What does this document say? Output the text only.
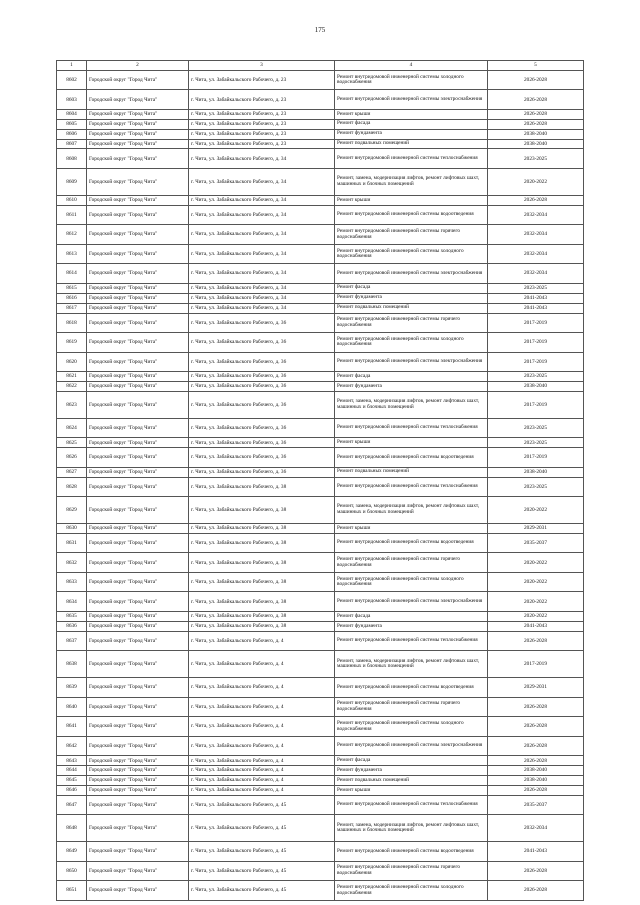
175
1	2	3	4	5
8602	Городской округ "Город Чита"	г. Чита, ул. Забайкальского Рабочего, д. 23	Ремонт внутридомовой инженерной системы холодного водоснабжения	2026-2028
8603	Городской округ "Город Чита"	г. Чита, ул. Забайкальского Рабочего, д. 23	Ремонт внутридомовой инженерной системы электроснабжения	2026-2028
8604	Городской округ "Город Чита"	г. Чита, ул. Забайкальского Рабочего, д. 23	Ремонт крыши	2026-2028
8605	Городской округ "Город Чита"	г. Чита, ул. Забайкальского Рабочего, д. 23	Ремонт фасада	2026-2028
8606	Городской округ "Город Чита"	г. Чита, ул. Забайкальского Рабочего, д. 23	Ремонт фундамента	2038-2040
8607	Городской округ "Город Чита"	г. Чита, ул. Забайкальского Рабочего, д. 23	Ремонт подвальных помещений	2038-2040
8608	Городской округ "Город Чита"	г. Чита, ул. Забайкальского Рабочего, д. 34	Ремонт внутридомовой инженерной системы теплоснабжения	2023-2025
8609	Городской округ "Город Чита"	г. Чита, ул. Забайкальского Рабочего, д. 34	Ремонт, замена, модернизация лифтов, ремонт лифтовых шахт, машинных и блочных помещений	2020-2022
8610	Городской округ "Город Чита"	г. Чита, ул. Забайкальского Рабочего, д. 34	Ремонт крыши	2026-2028
8611	Городской округ "Город Чита"	г. Чита, ул. Забайкальского Рабочего, д. 34	Ремонт внутридомовой инженерной системы водоотведения	2032-2034
8612	Городской округ "Город Чита"	г. Чита, ул. Забайкальского Рабочего, д. 34	Ремонт внутридомовой инженерной системы горячего водоснабжения	2032-2034
8613	Городской округ "Город Чита"	г. Чита, ул. Забайкальского Рабочего, д. 34	Ремонт внутридомовой инженерной системы холодного водоснабжения	2032-2034
8614	Городской округ "Город Чита"	г. Чита, ул. Забайкальского Рабочего, д. 34	Ремонт внутридомовой инженерной системы электроснабжения	2032-2034
8615	Городской округ "Город Чита"	г. Чита, ул. Забайкальского Рабочего, д. 34	Ремонт фасада	2023-2025
8616	Городской округ "Город Чита"	г. Чита, ул. Забайкальского Рабочего, д. 34	Ремонт фундамента	2041-2043
8617	Городской округ "Город Чита"	г. Чита, ул. Забайкальского Рабочего, д. 34	Ремонт подвальных помещений	2041-2043
8618	Городской округ "Город Чита"	г. Чита, ул. Забайкальского Рабочего, д. 36	Ремонт внутридомовой инженерной системы горячего водоснабжения	2017-2019
8619	Городской округ "Город Чита"	г. Чита, ул. Забайкальского Рабочего, д. 36	Ремонт внутридомовой инженерной системы холодного водоснабжения	2017-2019
8620	Городской округ "Город Чита"	г. Чита, ул. Забайкальского Рабочего, д. 36	Ремонт внутридомовой инженерной системы электроснабжения	2017-2019
8621	Городской округ "Город Чита"	г. Чита, ул. Забайкальского Рабочего, д. 36	Ремонт фасада	2023-2025
8622	Городской округ "Город Чита"	г. Чита, ул. Забайкальского Рабочего, д. 36	Ремонт фундамента	2038-2040
8623	Городской округ "Город Чита"	г. Чита, ул. Забайкальского Рабочего, д. 36	Ремонт, замена, модернизация лифтов, ремонт лифтовых шахт, машинных и блочных помещений	2017-2019
8624	Городской округ "Город Чита"	г. Чита, ул. Забайкальского Рабочего, д. 36	Ремонт внутридомовой инженерной системы теплоснабжения	2023-2025
8625	Городской округ "Город Чита"	г. Чита, ул. Забайкальского Рабочего, д. 36	Ремонт крыши	2023-2025
8626	Городской округ "Город Чита"	г. Чита, ул. Забайкальского Рабочего, д. 36	Ремонт внутридомовой инженерной системы водоотведения	2017-2019
8627	Городской округ "Город Чита"	г. Чита, ул. Забайкальского Рабочего, д. 36	Ремонт подвальных помещений	2038-2040
8628	Городской округ "Город Чита"	г. Чита, ул. Забайкальского Рабочего, д. 38	Ремонт внутридомовой инженерной системы теплоснабжения	2023-2025
8629	Городской округ "Город Чита"	г. Чита, ул. Забайкальского Рабочего, д. 38	Ремонт, замена, модернизация лифтов, ремонт лифтовых шахт, машинных и блочных помещений	2020-2022
8630	Городской округ "Город Чита"	г. Чита, ул. Забайкальского Рабочего, д. 38	Ремонт крыши	2029-2031
8631	Городской округ "Город Чита"	г. Чита, ул. Забайкальского Рабочего, д. 38	Ремонт внутридомовой инженерной системы водоотведения	2035-2037
8632	Городской округ "Город Чита"	г. Чита, ул. Забайкальского Рабочего, д. 38	Ремонт внутридомовой инженерной системы горячего водоснабжения	2020-2022
8633	Городской округ "Город Чита"	г. Чита, ул. Забайкальского Рабочего, д. 38	Ремонт внутридомовой инженерной системы холодного водоснабжения	2020-2022
8634	Городской округ "Город Чита"	г. Чита, ул. Забайкальского Рабочего, д. 38	Ремонт внутридомовой инженерной системы электроснабжения	2020-2022
8635	Городской округ "Город Чита"	г. Чита, ул. Забайкальского Рабочего, д. 38	Ремонт фасада	2020-2022
8636	Городской округ "Город Чита"	г. Чита, ул. Забайкальского Рабочего, д. 38	Ремонт фундамента	2041-2043
8637	Городской округ "Город Чита"	г. Чита, ул. Забайкальского Рабочего, д. 4	Ремонт внутридомовой инженерной системы теплоснабжения	2026-2028
8638	Городской округ "Город Чита"	г. Чита, ул. Забайкальского Рабочего, д. 4	Ремонт, замена, модернизация лифтов, ремонт лифтовых шахт, машинных и блочных помещений	2017-2019
8639	Городской округ "Город Чита"	г. Чита, ул. Забайкальского Рабочего, д. 4	Ремонт внутридомовой инженерной системы водоотведения	2029-2031
8640	Городской округ "Город Чита"	г. Чита, ул. Забайкальского Рабочего, д. 4	Ремонт внутридомовой инженерной системы горячего водоснабжения	2026-2028
8641	Городской округ "Город Чита"	г. Чита, ул. Забайкальского Рабочего, д. 4	Ремонт внутридомовой инженерной системы холодного водоснабжения	2026-2028
8642	Городской округ "Город Чита"	г. Чита, ул. Забайкальского Рабочего, д. 4	Ремонт внутридомовой инженерной системы электроснабжения	2026-2028
8643	Городской округ "Город Чита"	г. Чита, ул. Забайкальского Рабочего, д. 4	Ремонт фасада	2026-2028
8644	Городской округ "Город Чита"	г. Чита, ул. Забайкальского Рабочего, д. 4	Ремонт фундамента	2038-2040
8645	Городской округ "Город Чита"	г. Чита, ул. Забайкальского Рабочего, д. 4	Ремонт подвальных помещений	2038-2040
8646	Городской округ "Город Чита"	г. Чита, ул. Забайкальского Рабочего, д. 4	Ремонт крыши	2026-2028
8647	Городской округ "Город Чита"	г. Чита, ул. Забайкальского Рабочего, д. 45	Ремонт внутридомовой инженерной системы теплоснабжения	2035-2037
8648	Городской округ "Город Чита"	г. Чита, ул. Забайкальского Рабочего, д. 45	Ремонт, замена, модернизация лифтов, ремонт лифтовых шахт, машинных и блочных помещений	2032-2034
8649	Городской округ "Город Чита"	г. Чита, ул. Забайкальского Рабочего, д. 45	Ремонт внутридомовой инженерной системы водоотведения	2041-2043
8650	Городской округ "Город Чита"	г. Чита, ул. Забайкальского Рабочего, д. 45	Ремонт внутридомовой инженерной системы горячего водоснабжения	2026-2028
8651	Городской округ "Город Чита"	г. Чита, ул. Забайкальского Рабочего, д. 45	Ремонт внутридомовой инженерной системы холодного водоснабжения	2026-2028
